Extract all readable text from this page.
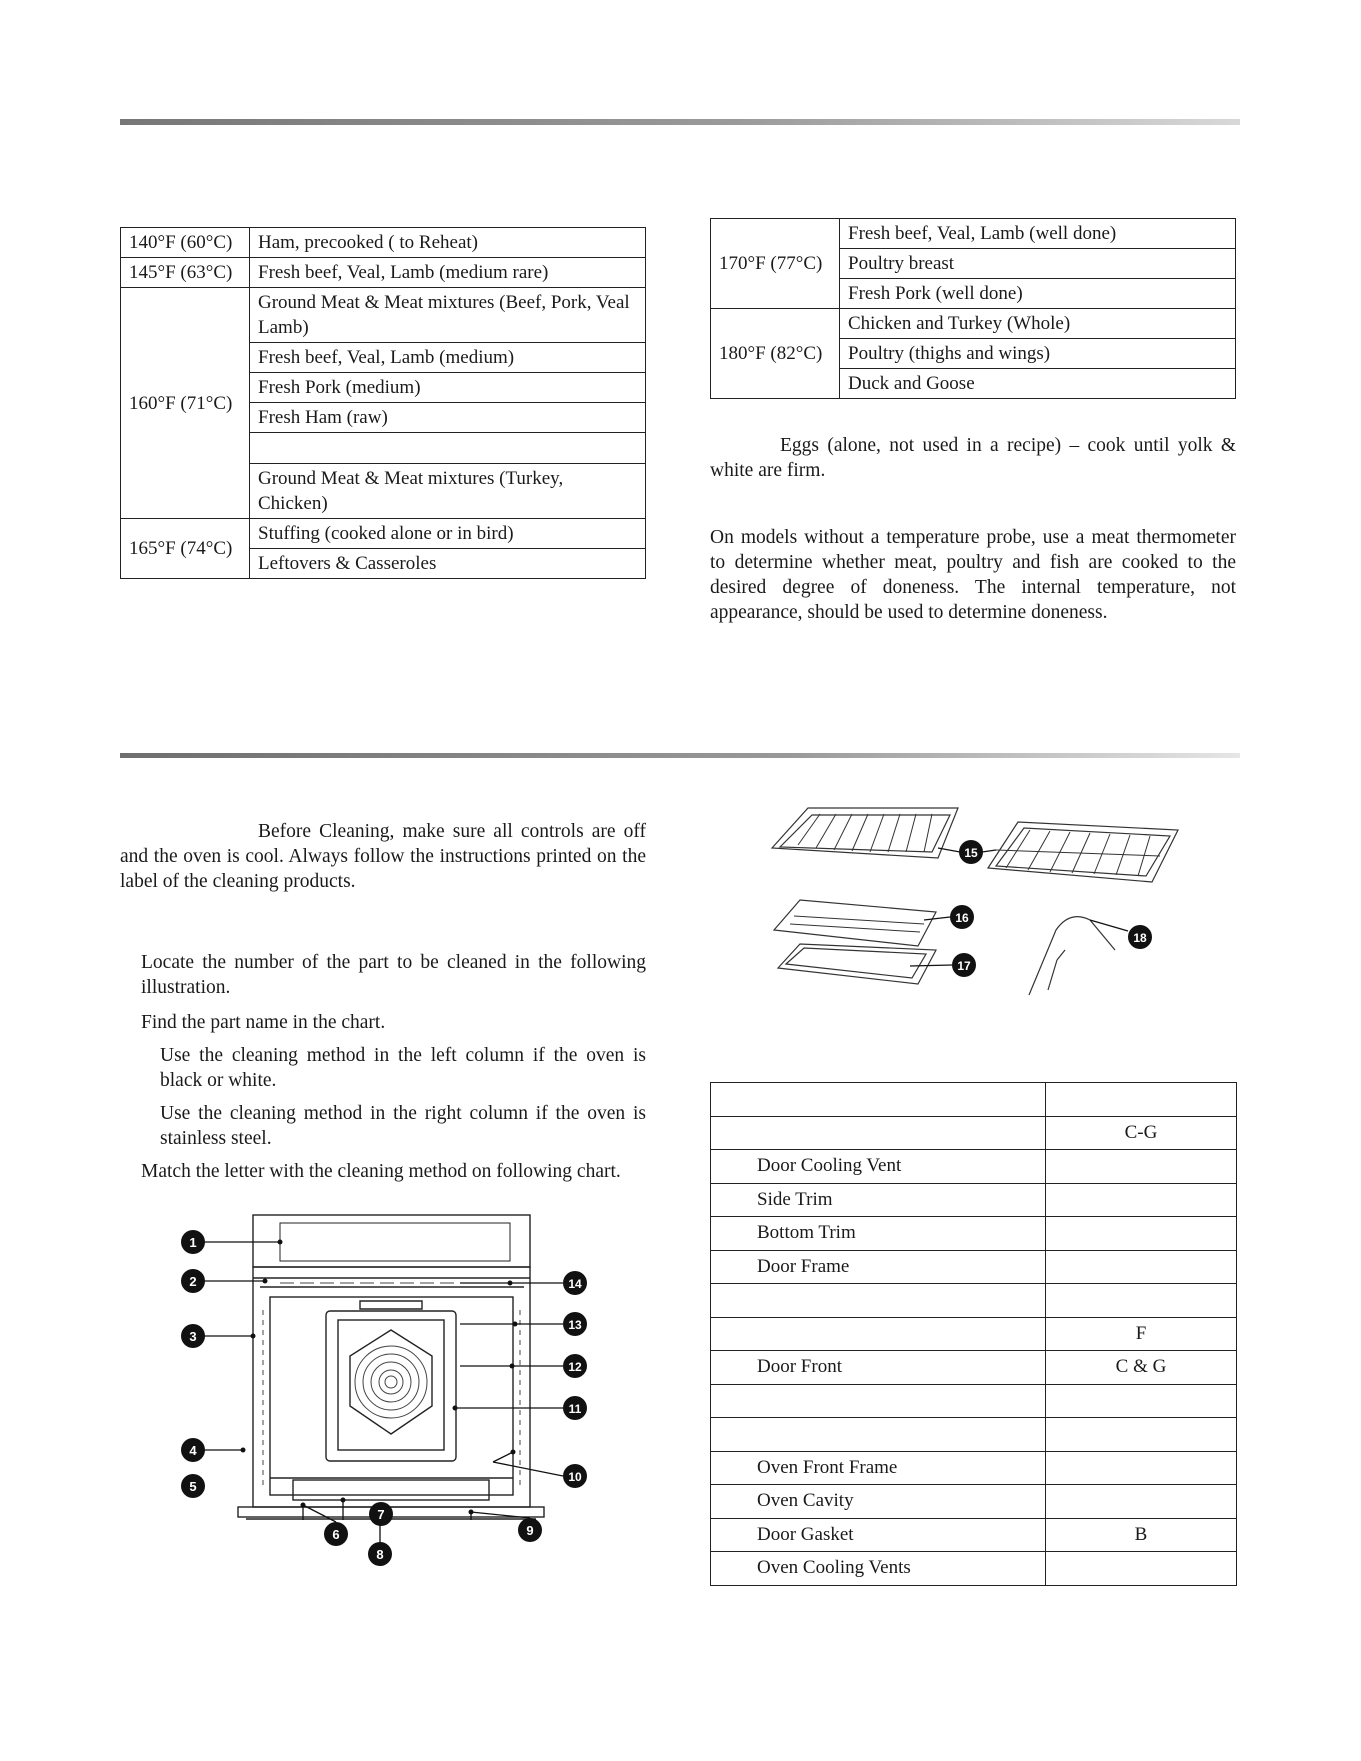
140°F (60°C)	Ham, precooked ( to Reheat)
145°F (63°C)	Fresh beef, Veal, Lamb (medium rare)
160°F (71°C)	Ground Meat & Meat mixtures (Beef, Pork, Veal Lamb)
	Fresh beef, Veal, Lamb (medium)
	Fresh Pork (medium)
	Fresh Ham (raw)

	Ground Meat & Meat mixtures (Turkey, Chicken)
165°F (74°C)	Stuffing (cooked alone or in bird)
	Leftovers & Casseroles
170°F (77°C)	Fresh beef, Veal, Lamb (well done)
	Poultry breast
	Fresh Pork (well done)
180°F (82°C)	Chicken and Turkey (Whole)
	Poultry (thighs and wings)
	Duck and Goose
Eggs (alone, not used in a recipe) – cook until yolk & white are firm.
On models without a temperature probe, use a meat thermometer to determine whether meat, poultry and fish are cooked to the desired degree of doneness. The internal temperature, not appearance, should be used to determine doneness.
Before Cleaning, make sure all controls are off and the oven is cool. Always follow the instructions printed on the label of the cleaning products.
Locate the number of the part to be cleaned in the following illustration.
Find the part name in the chart.
Use the cleaning method in the left column if the oven is black or white.
Use the cleaning method in the right column if the oven is stainless steel.
Match the letter with the cleaning method on following chart.
1
2
3
4
5
6
7
8
9
10
11
12
13
14
15
16
17
18

	C-G
Door Cooling Vent	
Side Trim	
Bottom Trim	
Door Frame	

	F
Door Front	C & G

Oven Front Frame	
Oven Cavity	
Door Gasket	B
Oven Cooling Vents	
